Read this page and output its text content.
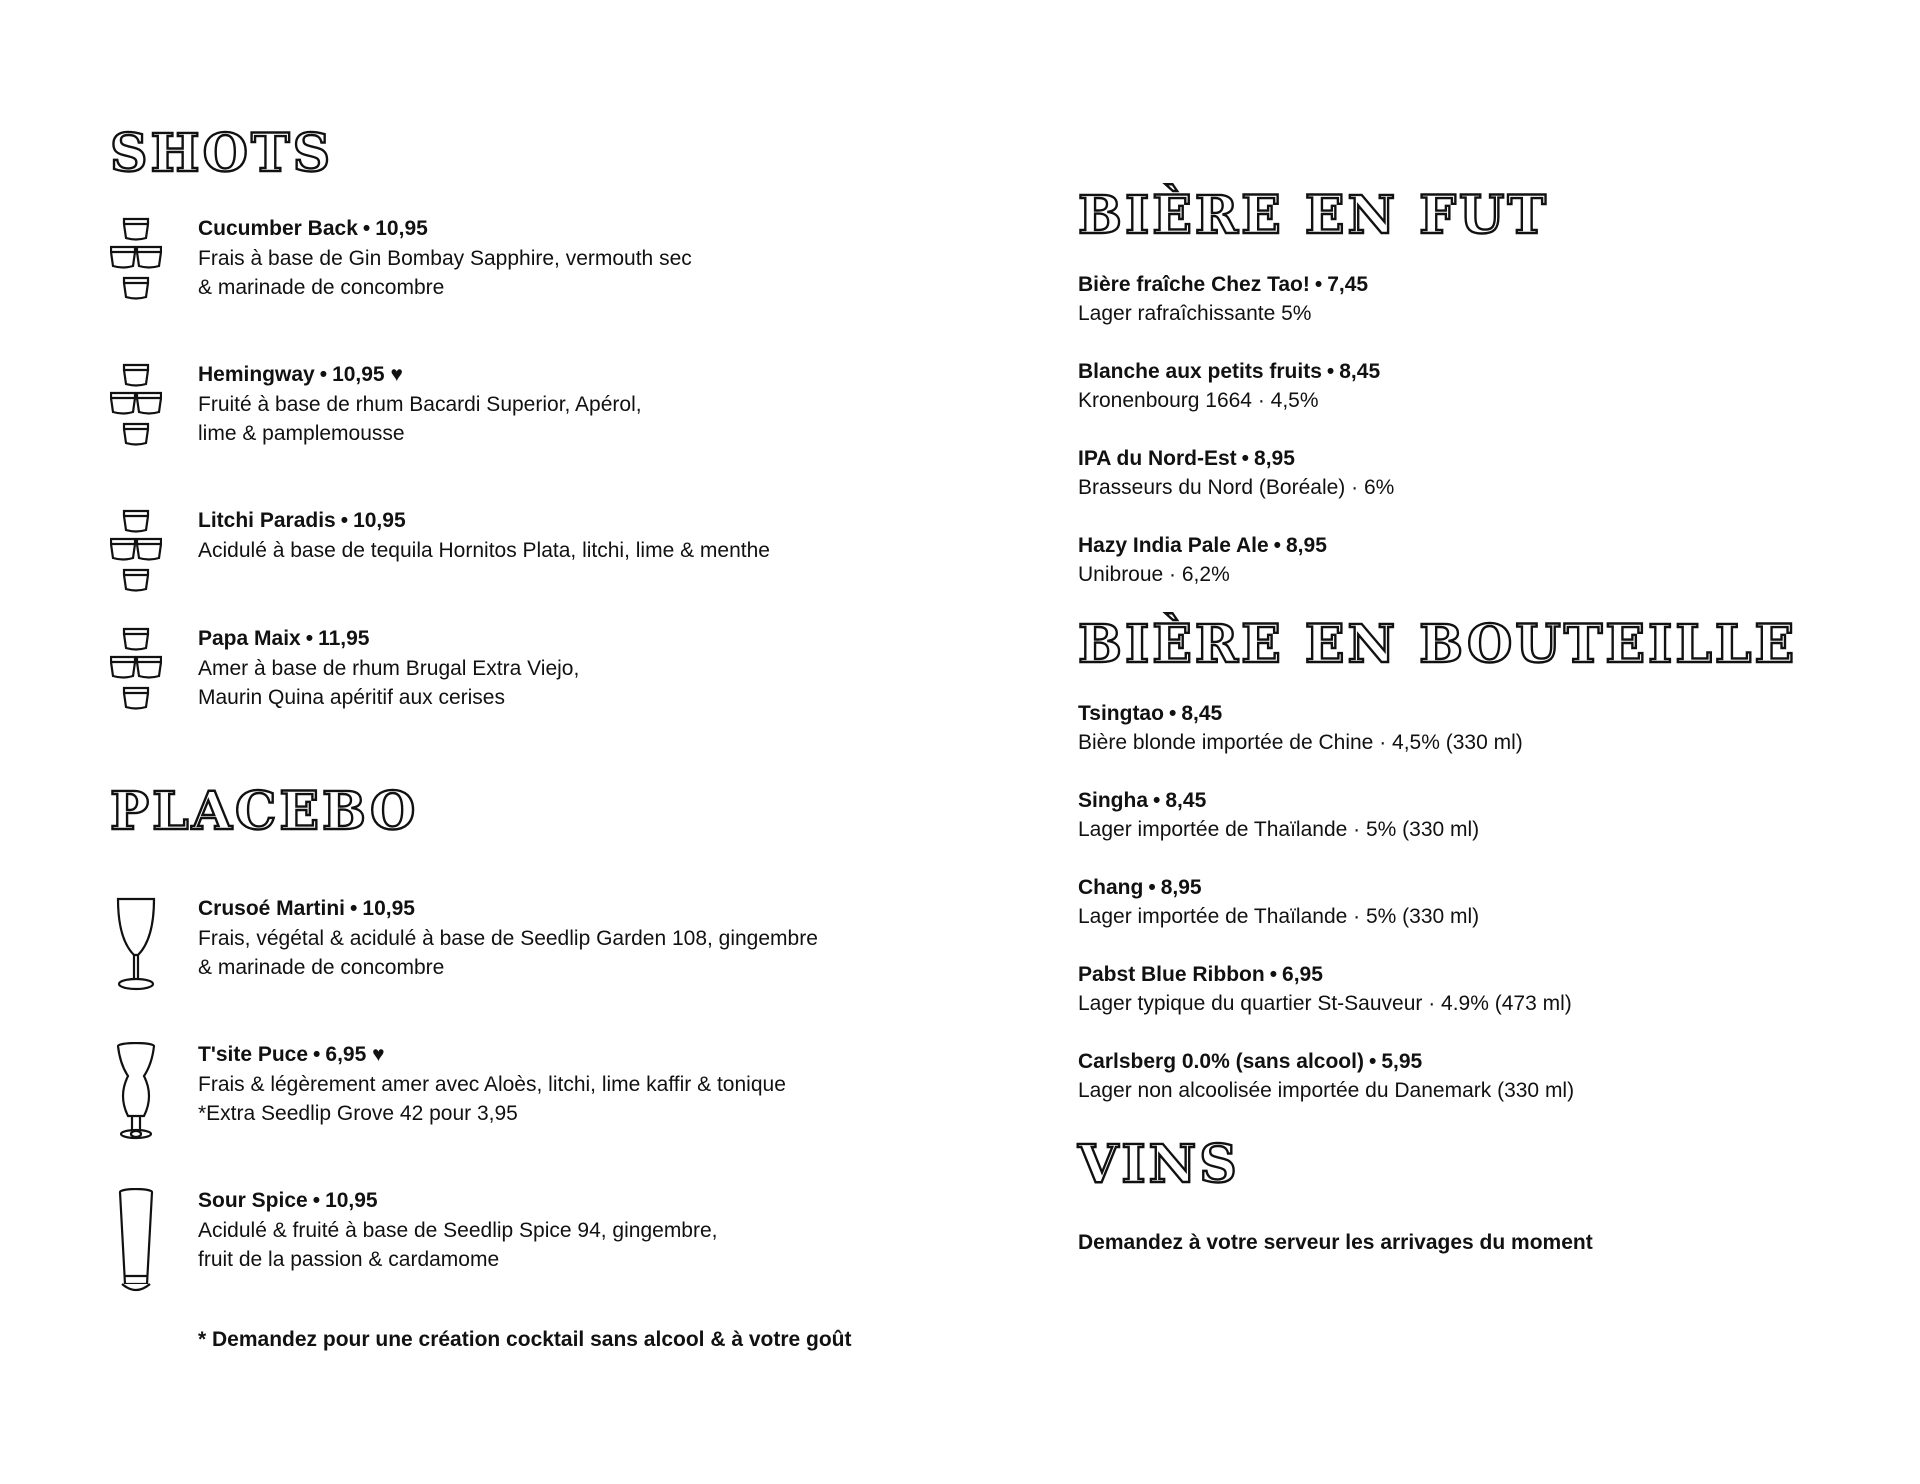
SHOTS
Cucumber Back • 10,95
Frais à base de Gin Bombay Sapphire, vermouth sec
& marinade de concombre
Hemingway • 10,95 ♥
Fruité à base de rhum Bacardi Superior, Apérol,
lime & pamplemousse
Litchi Paradis • 10,95
Acidulé à base de tequila Hornitos Plata, litchi, lime & menthe
Papa Maix • 11,95
Amer à base de rhum Brugal Extra Viejo,
Maurin Quina apéritif aux cerises
PLACEBO
Crusoé Martini • 10,95
Frais, végétal & acidulé à base de Seedlip Garden 108, gingembre
& marinade de concombre
T'site Puce • 6,95 ♥
Frais & légèrement amer avec Aloès, litchi, lime kaffir & tonique
*Extra Seedlip Grove 42 pour 3,95
Sour Spice • 10,95
Acidulé & fruité à base de Seedlip Spice 94, gingembre,
fruit de la passion & cardamome
* Demandez pour une création cocktail sans alcool & à votre goût
BIÈRE EN FUT
Bière fraîche Chez Tao! • 7,45
Lager rafraîchissante 5%
Blanche aux petits fruits • 8,45
Kronenbourg 1664 · 4,5%
IPA du Nord-Est • 8,95
Brasseurs du Nord (Boréale) · 6%
Hazy India Pale Ale • 8,95
Unibroue · 6,2%
BIÈRE EN BOUTEILLE
Tsingtao • 8,45
Bière blonde importée de Chine · 4,5% (330 ml)
Singha • 8,45
Lager importée de Thaïlande · 5% (330 ml)
Chang • 8,95
Lager importée de Thaïlande · 5% (330 ml)
Pabst Blue Ribbon • 6,95
Lager typique du quartier St-Sauveur · 4.9% (473 ml)
Carlsberg 0.0% (sans alcool) • 5,95
Lager non alcoolisée importée du Danemark (330 ml)
VINS
Demandez à votre serveur les arrivages du moment
